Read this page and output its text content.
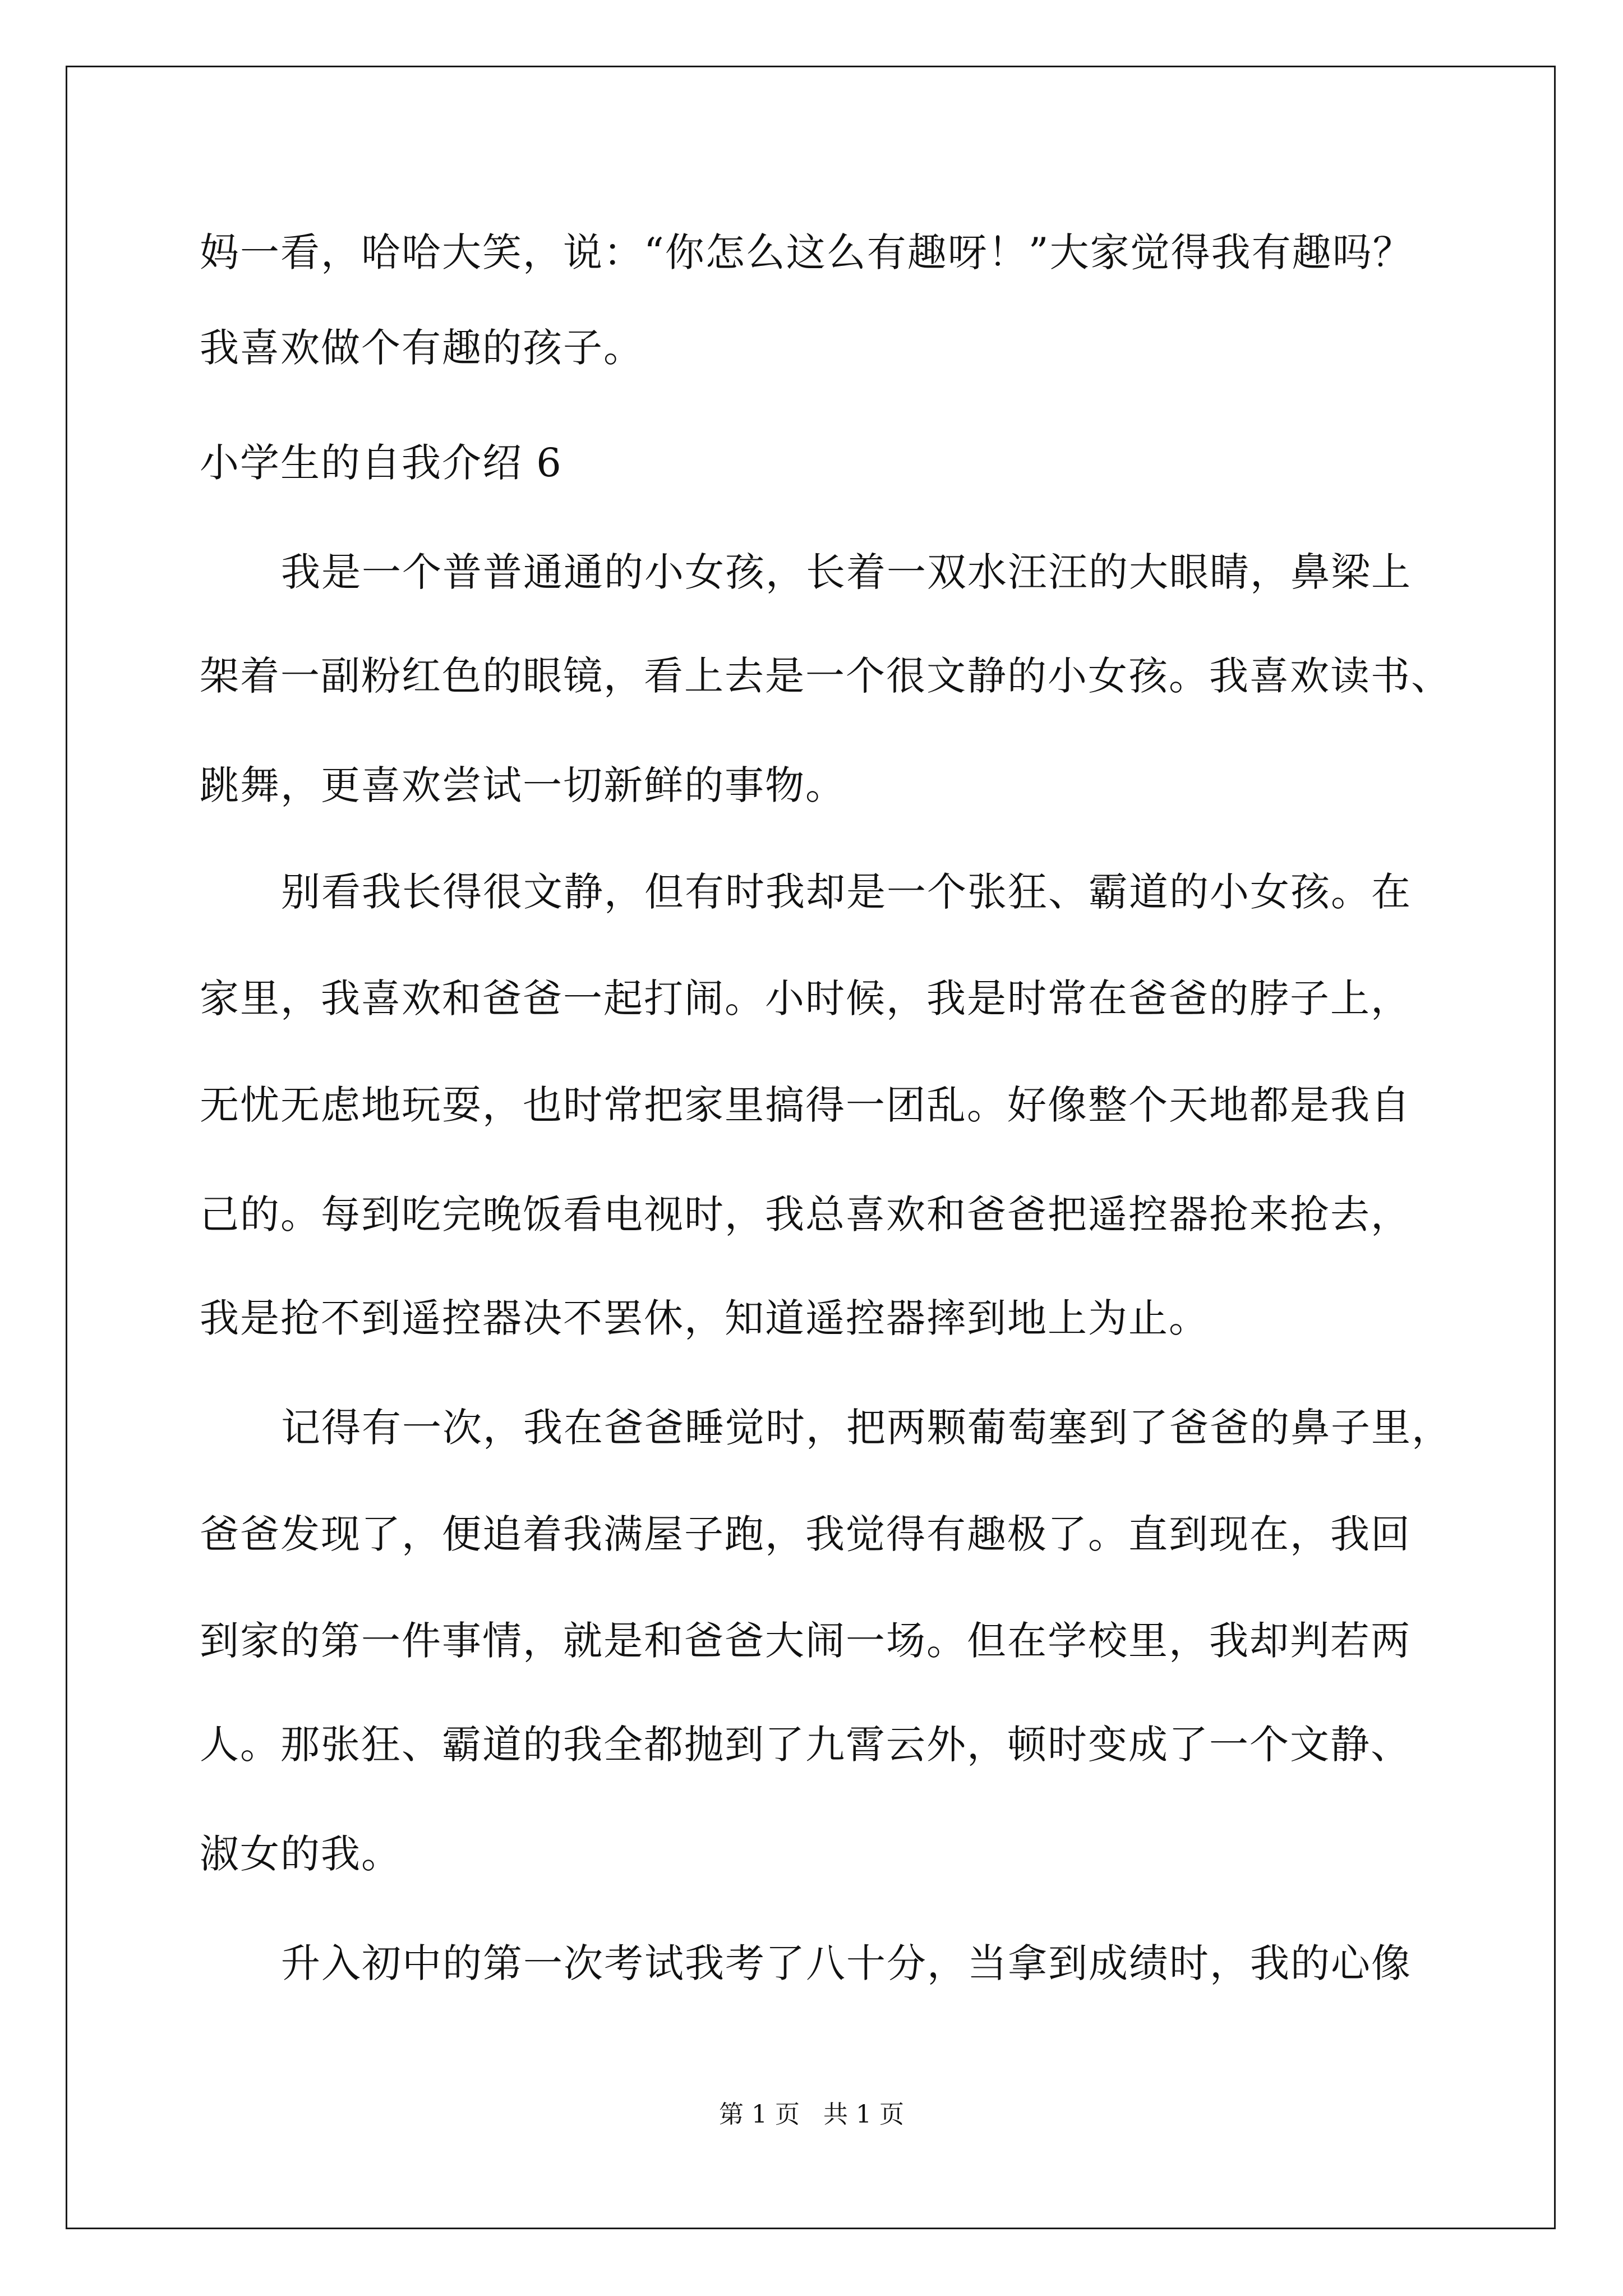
妈一看，哈哈大笑，说：“你怎么这么有趣呀！”大家觉得我有趣吗？
我喜欢做个有趣的孩子。
小学生的自我介绍 6
我是一个普普通通的小女孩，长着一双水汪汪的大眼睛，鼻梁上
架着一副粉红色的眼镜，看上去是一个很文静的小女孩。我喜欢读书、
跳舞，更喜欢尝试一切新鲜的事物。
别看我长得很文静，但有时我却是一个张狂、霸道的小女孩。在
家里，我喜欢和爸爸一起打闹。小时候，我是时常在爸爸的脖子上，
无忧无虑地玩耍，也时常把家里搞得一团乱。好像整个天地都是我自
己的。每到吃完晚饭看电视时，我总喜欢和爸爸把遥控器抢来抢去，
我是抢不到遥控器决不罢休，知道遥控器摔到地上为止。
记得有一次，我在爸爸睡觉时，把两颗葡萄塞到了爸爸的鼻子里，
爸爸发现了，便追着我满屋子跑，我觉得有趣极了。直到现在，我回
到家的第一件事情，就是和爸爸大闹一场。但在学校里，我却判若两
人。那张狂、霸道的我全都抛到了九霄云外，顿时变成了一个文静、
淑女的我。
升入初中的第一次考试我考了八十分，当拿到成绩时，我的心像
第 1 页   共 1 页
